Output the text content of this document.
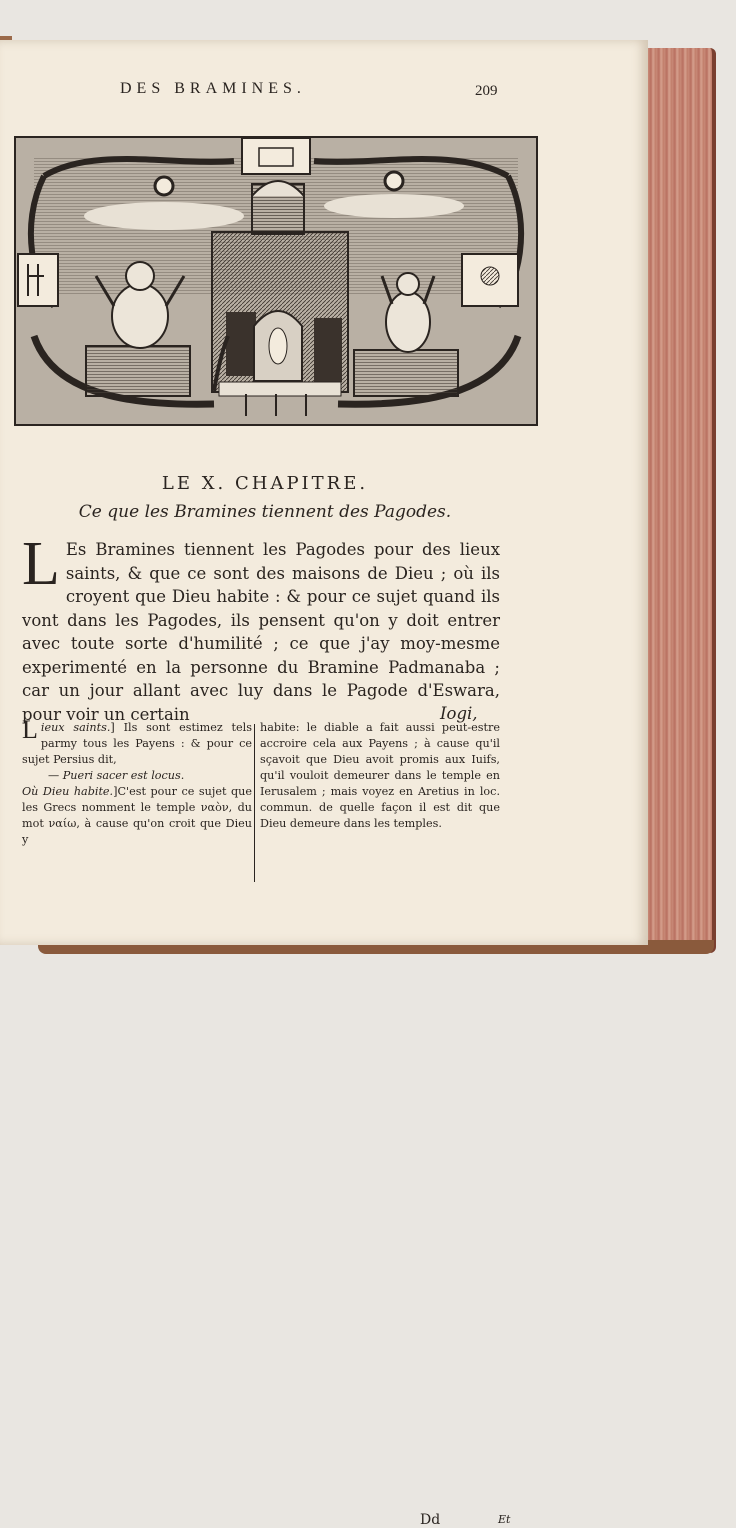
DES BRAMINES.	209
LE X. CHAPITRE.
Ce que les Bramines tiennent des Pagodes.
L Es Bramines tiennent les Pagodes pour des lieux saints, & que ce sont des maisons de Dieu ; où ils croyent que Dieu habite : & pour ce sujet quand ils vont dans les Pagodes, ils pensent qu'on y doit entrer avec toute sorte d'humilité ; ce que j'ay moy-mesme experimenté en la personne du Bramine Padmanaba ; car un jour allant avec luy dans le Pagode d'Eswara, pour voir un certain	Iogi,
Lieux saints.] Ils sont estimez tels parmy tous les Payens : & pour ce sujet Persius dit,
— Pueri sacer est locus.
Où Dieu habite.]C'est pour ce sujet que les Grecs nomment le temple ναὸν, du mot ναίω, à cause qu'on croit que Dieu y
habite: le diable a fait aussi peut-estre accroire cela aux Payens ; à cause qu'il sçavoit que Dieu avoit promis aux Iuifs, qu'il vouloit demeurer dans le temple en Ierusalem ; mais voyez en Aretius in loc. commun. de quelle façon il est dit que Dieu demeure dans les temples.
Dd	Et
